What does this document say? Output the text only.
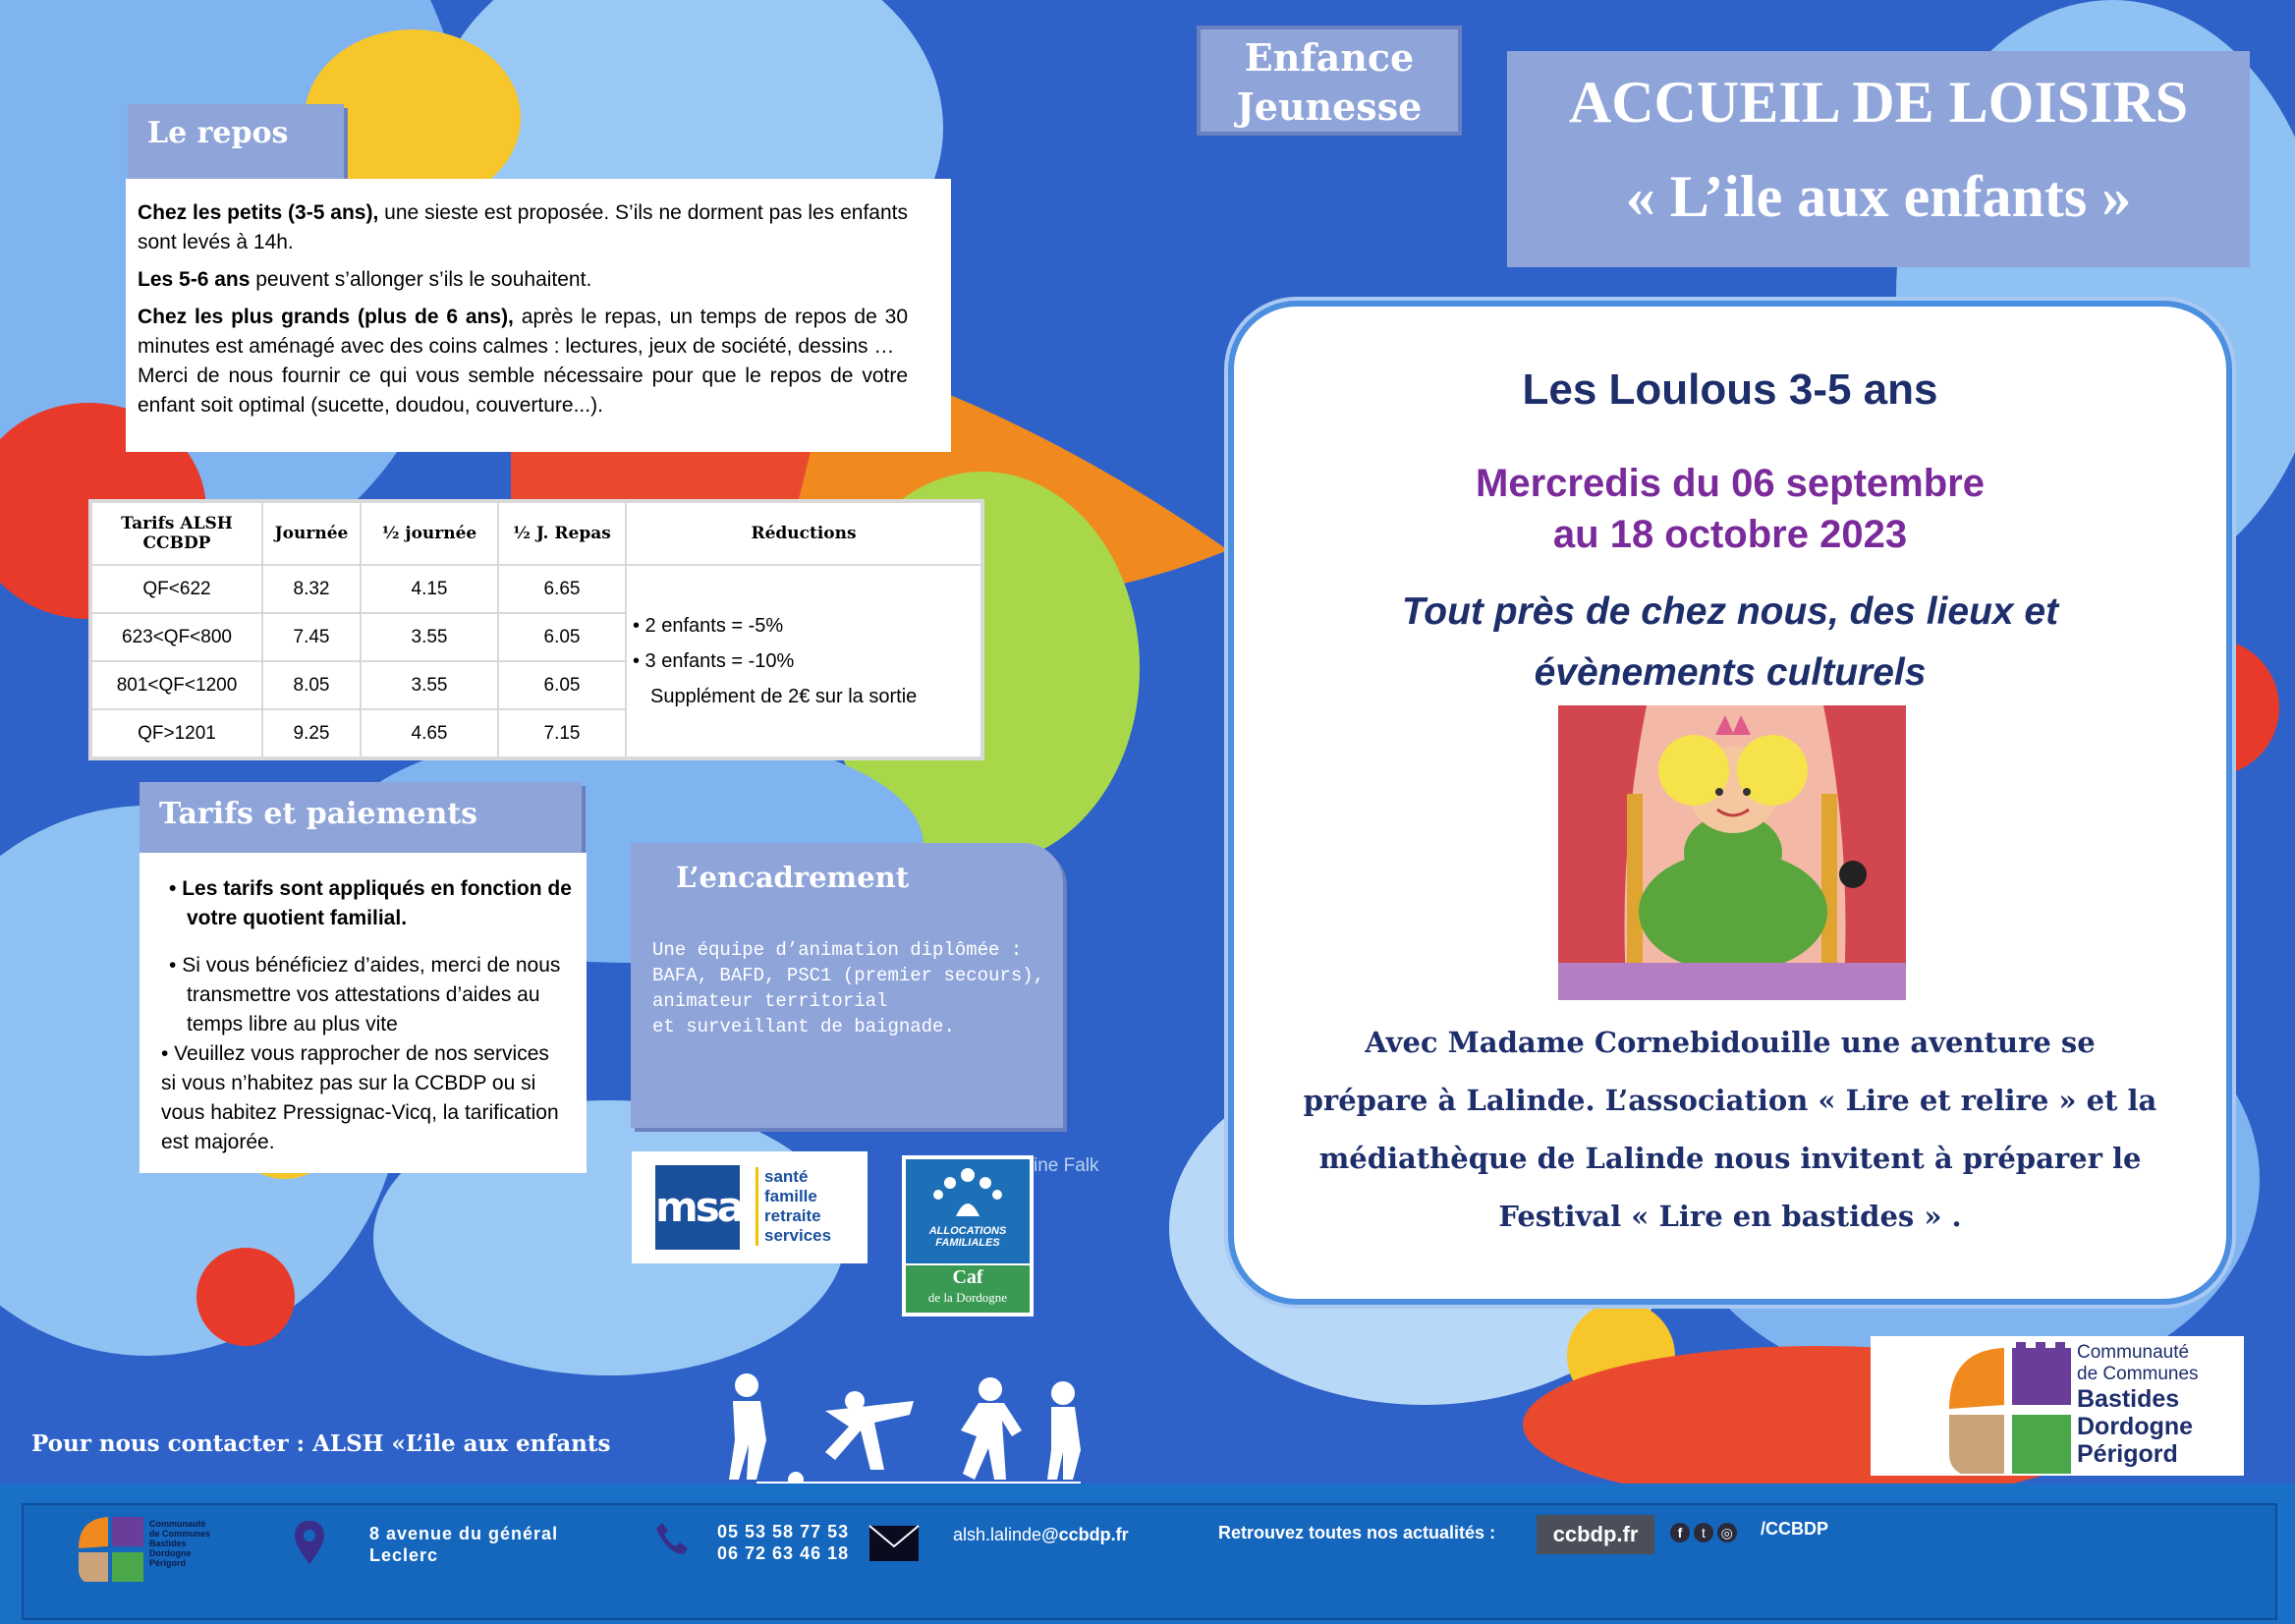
Enfance
Jeunesse	ACCUEIL DE LOISIRS
« L’ile aux enfants »
Le repos

Chez les petits (3-5 ans), une sieste est proposée. S’ils ne dorment pas les enfants sont levés à 14h.

Les 5-6 ans peuvent s’allonger s’ils le souhaitent.

Chez les plus grands (plus de 6 ans), après le repas, un temps de repos de 30 minutes est aménagé avec des coins calmes : lectures, jeux de société, dessins …

Merci de nous fournir ce qui vous semble nécessaire pour que le repos de votre enfant soit optimal (sucette, doudou, couverture...).

Tarifs ALSH CCBDP	Journée	½ journée	½ J. Repas	Réductions
QF<622	8.32	4.15	6.65	• 2 enfants = -5%
• 3 enfants = -10%
Supplément de 2€ sur la sortie

623<QF<800	7.45	3.55	6.05	
801<QF<1200	8.05	3.55	6.05	
QF>1201	9.25	4.65	7.15	
Tarifs et paiements
• Les tarifs sont appliqués en fonction de votre quotient familial.
• Si vous bénéficiez d’aides, merci de nous transmettre vos attestations d’aides au temps libre au plus vite
• Veuillez vous rapprocher de nos services si vous n’habitez pas sur la CCBDP ou si vous habitez Pressignac-Vicq, la tarification est majorée.
L’encadrement
Une équipe d’animation diplômée : BAFA, BAFD, PSC1 (premier secours), animateur territorial
et surveillant de baignade.
ine Falk
msa
santé
famille
retraite
services	ALLOCATIONS
FAMILIALES
Caf
de la Dordogne
Les Loulous 3-5 ans
Mercredis du 06 septembre
au 18 octobre 2023
Tout près de chez nous, des lieux et
évènements culturels
Avec Madame Cornebidouille une aventure se
prépare à Lalinde. L’association « Lire et relire » et la
médiathèque de Lalinde nous invitent à préparer le
Festival « Lire en bastides » .
Communauté
de Communes
Bastides
Dordogne
Périgord
Pour nous contacter : ALSH «L’ile aux enfants
Communauté
de Communes
Bastides
Dordogne
Périgord
8 avenue du général
Leclerc
05 53 58 77 53
06 72 63 46 18
alsh.lalinde@ccbdp.fr	Retrouvez toutes nos actualités :	ccbdp.fr	f t ◎ /CCBDP
